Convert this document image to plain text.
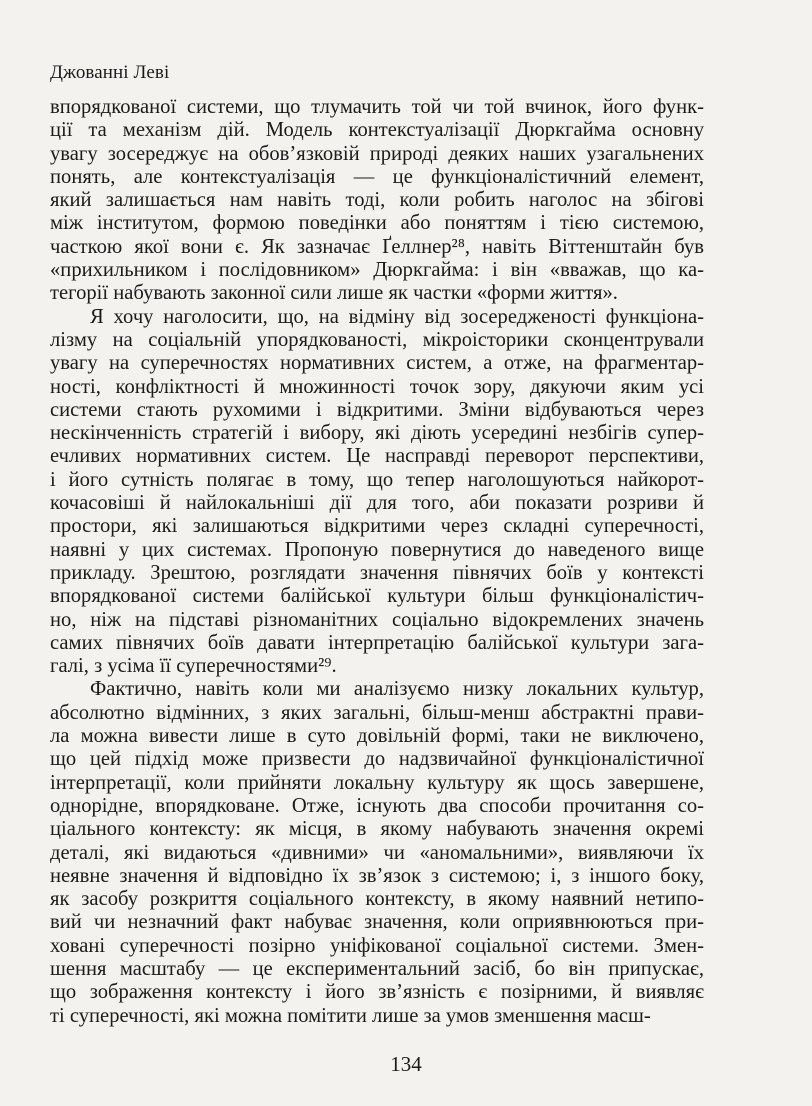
Джованні Леві
впорядкованої системи, що тлумачить той чи той вчинок, його функ-
ції та механізм дій. Модель контекстуалізації Дюркгайма основну
увагу зосереджує на обов’язковій природі деяких наших узагальнених
понять, але контекстуалізація — це функціоналістичний елемент,
який залишається нам навіть тоді, коли робить наголос на збігові
між інститутом, формою поведінки або поняттям і тією системою,
часткою якої вони є. Як зазначає Ґеллнер²⁸, навіть Віттенштайн був
«прихильником і послідовником» Дюркгайма: і він «вважав, що ка-
тегорії набувають законної сили лише як частки «форми життя».
Я хочу наголосити, що, на відміну від зосередженості функціона-
лізму на соціальній упорядкованості, мікроісторики сконцентрували
увагу на суперечностях нормативних систем, а отже, на фрагментар-
ності, конфліктності й множинності точок зору, дякуючи яким усі
системи стають рухомими і відкритими. Зміни відбуваються через
нескінченність стратегій і вибору, які діють усередині незбігів супер-
ечливих нормативних систем. Це насправді переворот перспективи,
і його сутність полягає в тому, що тепер наголошуються найкорот-
кочасовіші й найлокальніші дії для того, аби показати розриви й
простори, які залишаються відкритими через складні суперечності,
наявні у цих системах. Пропоную повернутися до наведеного вище
прикладу. Зрештою, розглядати значення півнячих боїв у контексті
впорядкованої системи балійської культури більш функціоналістич-
но, ніж на підставі різноманітних соціально відокремлених значень
самих півнячих боїв давати інтерпретацію балійської культури зага-
галі, з усіма її суперечностями²⁹.
Фактично, навіть коли ми аналізуємо низку локальних культур,
абсолютно відмінних, з яких загальні, більш-менш абстрактні прави-
ла можна вивести лише в суто довільній формі, таки не виключено,
що цей підхід може призвести до надзвичайної функціоналістичної
інтерпретації, коли прийняти локальну культуру як щось завершене,
однорідне, впорядковане. Отже, існують два способи прочитання со-
ціального контексту: як місця, в якому набувають значення окремі
деталі, які видаються «дивними» чи «аномальними», виявляючи їх
неявне значення й відповідно їх зв’язок з системою; і, з іншого боку,
як засобу розкриття соціального контексту, в якому наявний нетипо-
вий чи незначний факт набуває значення, коли оприявнюються при-
ховані суперечності позірно уніфікованої соціальної системи. Змен-
шення масштабу — це експериментальний засіб, бо він припускає,
що зображення контексту і його зв’язність є позірними, й виявляє
ті суперечності, які можна помітити лише за умов зменшення масш-
134
